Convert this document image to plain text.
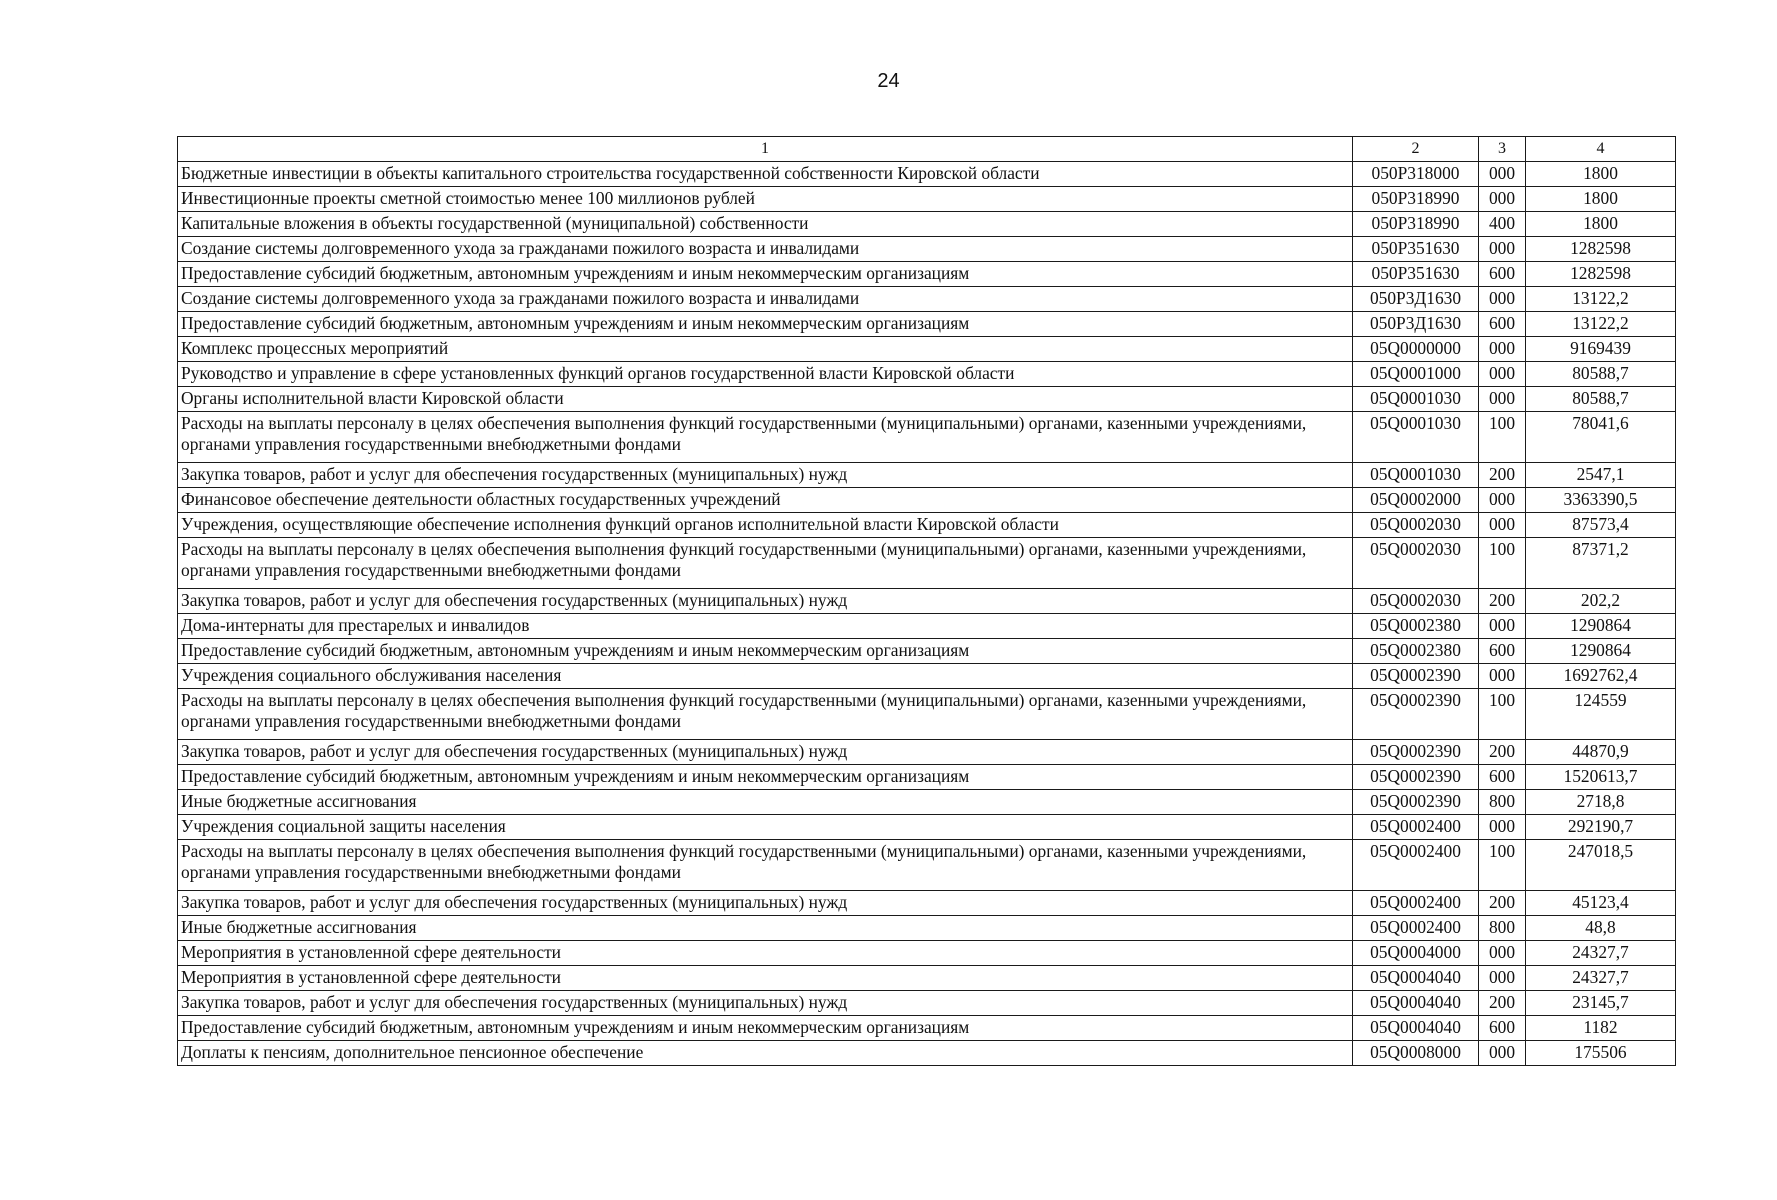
24
1	2	3	4
Бюджетные инвестиции в объекты капитального строительства государственной собственности Кировской области	050P318000	000	1800
Инвестиционные проекты сметной стоимостью менее 100 миллионов рублей	050P318990	000	1800
Капитальные вложения в объекты государственной (муниципальной) собственности	050P318990	400	1800
Создание системы долговременного ухода за гражданами пожилого возраста и инвалидами	050P351630	000	1282598
Предоставление субсидий бюджетным, автономным учреждениям и иным некоммерческим организациям	050P351630	600	1282598
Создание системы долговременного ухода за гражданами пожилого возраста и инвалидами	050P3Д1630	000	13122,2
Предоставление субсидий бюджетным, автономным учреждениям и иным некоммерческим организациям	050P3Д1630	600	13122,2
Комплекс процессных мероприятий	05Q0000000	000	9169439
Руководство и управление в сфере установленных функций органов государственной власти Кировской области	05Q0001000	000	80588,7
Органы исполнительной власти Кировской области	05Q0001030	000	80588,7
Расходы на выплаты персоналу в целях обеспечения выполнения функций государственными (муниципальными) органами, казенными учреждениями, органами управления государственными внебюджетными фондами	05Q0001030	100	78041,6
Закупка товаров, работ и услуг для обеспечения государственных (муниципальных) нужд	05Q0001030	200	2547,1
Финансовое обеспечение деятельности областных государственных учреждений	05Q0002000	000	3363390,5
Учреждения, осуществляющие обеспечение исполнения функций органов исполнительной власти Кировской области	05Q0002030	000	87573,4
Расходы на выплаты персоналу в целях обеспечения выполнения функций государственными (муниципальными) органами, казенными учреждениями, органами управления государственными внебюджетными фондами	05Q0002030	100	87371,2
Закупка товаров, работ и услуг для обеспечения государственных (муниципальных) нужд	05Q0002030	200	202,2
Дома-интернаты для престарелых и инвалидов	05Q0002380	000	1290864
Предоставление субсидий бюджетным, автономным учреждениям и иным некоммерческим организациям	05Q0002380	600	1290864
Учреждения социального обслуживания населения	05Q0002390	000	1692762,4
Расходы на выплаты персоналу в целях обеспечения выполнения функций государственными (муниципальными) органами, казенными учреждениями, органами управления государственными внебюджетными фондами	05Q0002390	100	124559
Закупка товаров, работ и услуг для обеспечения государственных (муниципальных) нужд	05Q0002390	200	44870,9
Предоставление субсидий бюджетным, автономным учреждениям и иным некоммерческим организациям	05Q0002390	600	1520613,7
Иные бюджетные ассигнования	05Q0002390	800	2718,8
Учреждения социальной защиты населения	05Q0002400	000	292190,7
Расходы на выплаты персоналу в целях обеспечения выполнения функций государственными (муниципальными) органами, казенными учреждениями, органами управления государственными внебюджетными фондами	05Q0002400	100	247018,5
Закупка товаров, работ и услуг для обеспечения государственных (муниципальных) нужд	05Q0002400	200	45123,4
Иные бюджетные ассигнования	05Q0002400	800	48,8
Мероприятия в установленной сфере деятельности	05Q0004000	000	24327,7
Мероприятия в установленной сфере деятельности	05Q0004040	000	24327,7
Закупка товаров, работ и услуг для обеспечения государственных (муниципальных) нужд	05Q0004040	200	23145,7
Предоставление субсидий бюджетным, автономным учреждениям и иным некоммерческим организациям	05Q0004040	600	1182
Доплаты к пенсиям, дополнительное пенсионное обеспечение	05Q0008000	000	175506
